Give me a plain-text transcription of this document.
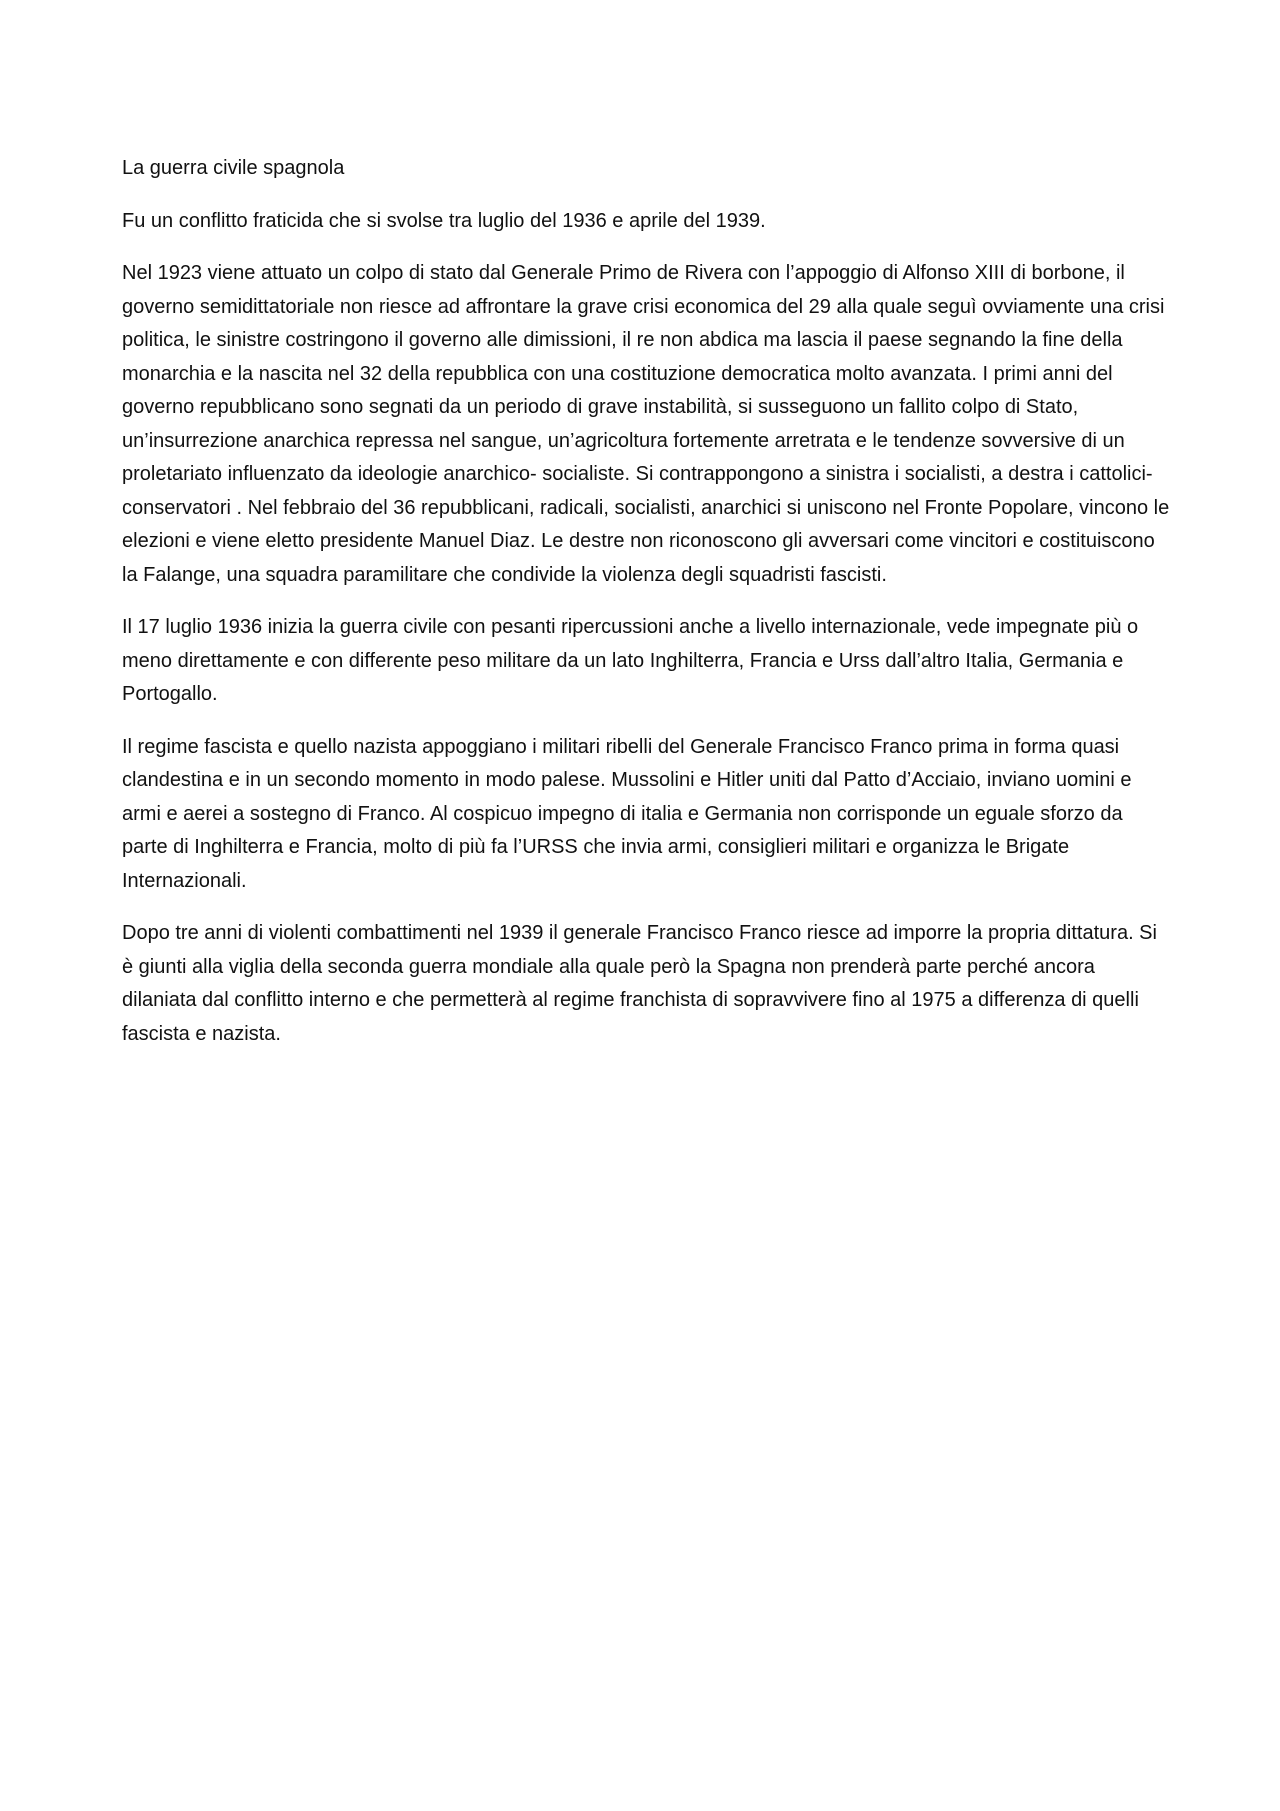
La guerra civile spagnola

Fu un conflitto fraticida che si svolse tra luglio del 1936 e aprile del 1939.

Nel 1923 viene attuato un colpo di stato dal Generale Primo de Rivera con l’appoggio di Alfonso XIII di borbone, il governo semidittatoriale non riesce ad affrontare la grave crisi economica del 29 alla quale seguì ovviamente una crisi politica, le sinistre costringono il governo alle dimissioni, il re non abdica ma lascia il paese segnando la fine della monarchia e la nascita nel 32 della repubblica con una costituzione democratica molto avanzata. I primi anni del governo repubblicano sono segnati da un periodo di grave instabilità, si susseguono un fallito colpo di Stato, un’insurrezione anarchica repressa nel sangue, un’agricoltura fortemente arretrata e le tendenze sovversive di un proletariato influenzato da ideologie anarchico- socialiste. Si contrappongono a sinistra i socialisti, a destra i cattolici-conservatori . Nel febbraio del 36 repubblicani, radicali, socialisti, anarchici si uniscono nel Fronte Popolare, vincono le elezioni e viene eletto presidente Manuel Diaz. Le destre non riconoscono gli avversari come vincitori e costituiscono la Falange, una squadra paramilitare che condivide la violenza degli squadristi fascisti.

Il 17 luglio 1936 inizia la guerra civile con pesanti ripercussioni anche a livello internazionale, vede impegnate più o meno direttamente e con differente peso militare da un lato Inghilterra, Francia e Urss dall’altro Italia, Germania e Portogallo.

Il regime fascista e quello nazista appoggiano i militari ribelli del Generale Francisco Franco prima in forma quasi clandestina e in un secondo momento in modo palese. Mussolini e Hitler uniti dal Patto d’Acciaio, inviano uomini e armi e aerei a sostegno di Franco. Al cospicuo impegno di italia e Germania non corrisponde un eguale sforzo da parte di Inghilterra e Francia, molto di più fa l’URSS che invia armi, consiglieri militari e organizza le Brigate Internazionali.

Dopo tre anni di violenti combattimenti nel 1939 il generale Francisco Franco riesce ad imporre la propria dittatura. Si è giunti alla viglia della seconda guerra mondiale alla quale però la Spagna non prenderà parte perché ancora dilaniata dal conflitto interno e che permetterà al regime franchista di sopravvivere fino al 1975 a differenza di quelli fascista e nazista.
